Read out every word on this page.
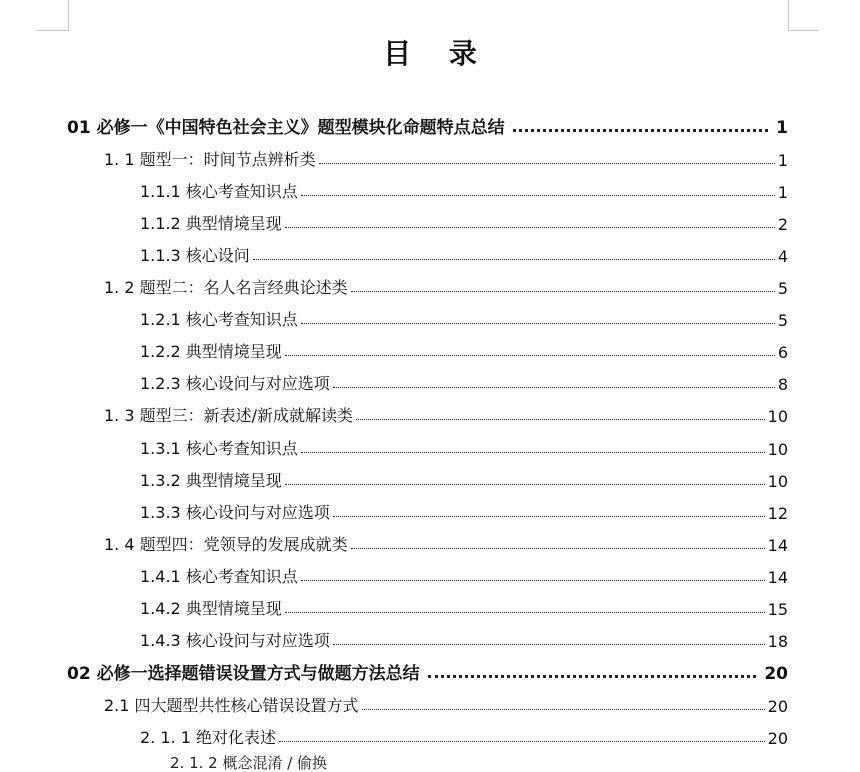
目 录
01 必修一《中国特色社会主义》题型模块化命题特点总结	1
1. 1 题型一：时间节点辨析类	1
1.1.1 核心考查知识点	1
1.1.2 典型情境呈现	2
1.1.3 核心设问	4
1. 2 题型二：名人名言经典论述类	5
1.2.1 核心考查知识点	5
1.2.2 典型情境呈现	6
1.2.3 核心设问与对应选项	8
1. 3 题型三：新表述/新成就解读类	10
1.3.1 核心考查知识点	10
1.3.2 典型情境呈现	10
1.3.3 核心设问与对应选项	12
1. 4 题型四：党领导的发展成就类	14
1.4.1 核心考查知识点	14
1.4.2 典型情境呈现	15
1.4.3 核心设问与对应选项	18
02 必修一选择题错误设置方式与做题方法总结	20
2.1 四大题型共性核心错误设置方式	20
2. 1. 1 绝对化表述	20
2. 1. 2 概念混淆 / 偷换
